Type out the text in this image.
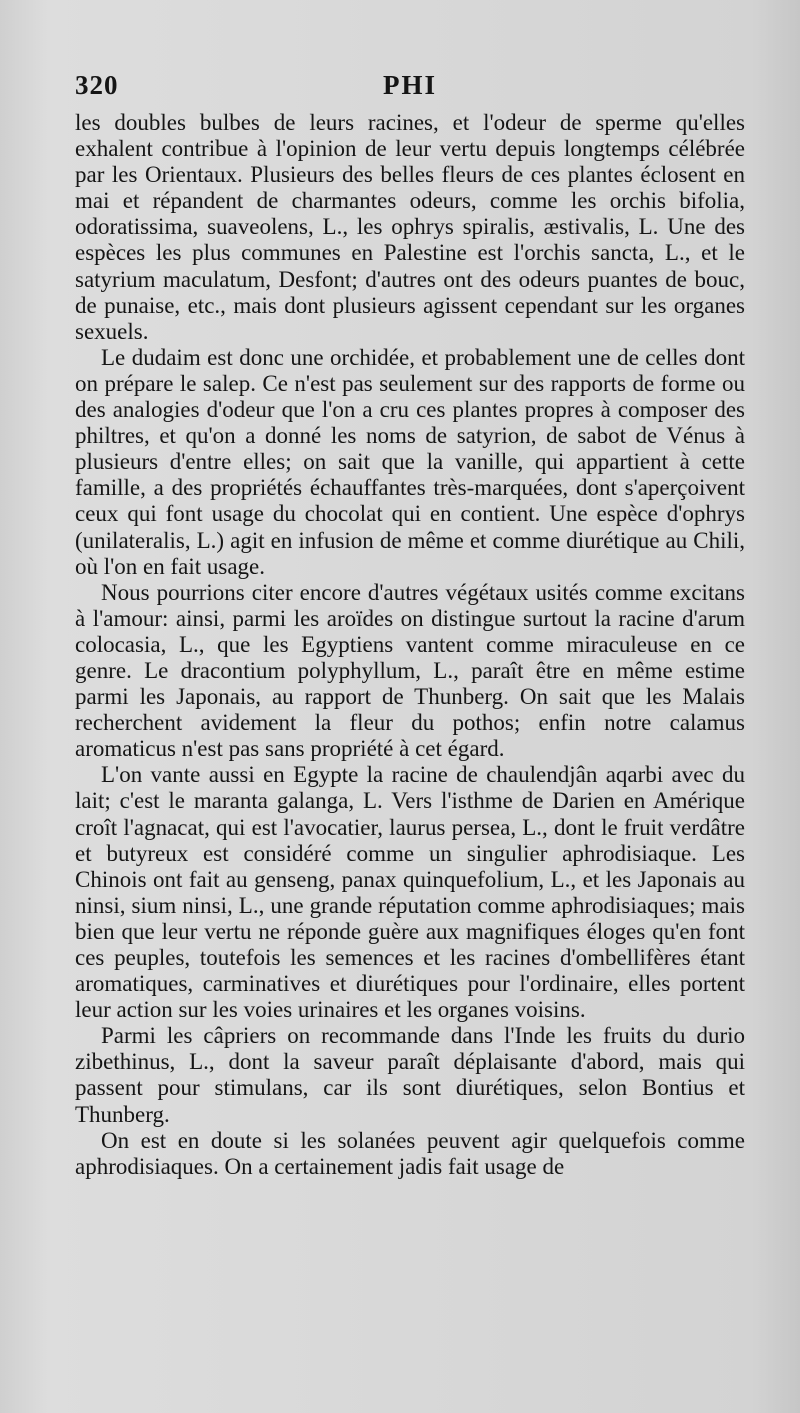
320	PHI

les doubles bulbes de leurs racines, et l'odeur de sperme qu'elles exhalent contribue à l'opinion de leur vertu depuis longtemps célébrée par les Orientaux. Plusieurs des belles fleurs de ces plantes éclosent en mai et répandent de charmantes odeurs, comme les orchis bifolia, odoratissima, suaveolens, L., les ophrys spiralis, æstivalis, L. Une des espèces les plus communes en Palestine est l'orchis sancta, L., et le satyrium maculatum, Desfont; d'autres ont des odeurs puantes de bouc, de punaise, etc., mais dont plusieurs agissent cependant sur les organes sexuels.

Le dudaim est donc une orchidée, et probablement une de celles dont on prépare le salep. Ce n'est pas seulement sur des rapports de forme ou des analogies d'odeur que l'on a cru ces plantes propres à composer des philtres, et qu'on a donné les noms de satyrion, de sabot de Vénus à plusieurs d'entre elles; on sait que la vanille, qui appartient à cette famille, a des propriétés échauffantes très-marquées, dont s'aperçoivent ceux qui font usage du chocolat qui en contient. Une espèce d'ophrys (unilateralis, L.) agit en infusion de même et comme diurétique au Chili, où l'on en fait usage.

Nous pourrions citer encore d'autres végétaux usités comme excitans à l'amour: ainsi, parmi les aroïdes on distingue surtout la racine d'arum colocasia, L., que les Egyptiens vantent comme miraculeuse en ce genre. Le dracontium polyphyllum, L., paraît être en même estime parmi les Japonais, au rapport de Thunberg. On sait que les Malais recherchent avidement la fleur du pothos; enfin notre calamus aromaticus n'est pas sans propriété à cet égard.

L'on vante aussi en Egypte la racine de chaulendjân aqarbi avec du lait; c'est le maranta galanga, L. Vers l'isthme de Darien en Amérique croît l'agnacat, qui est l'avocatier, laurus persea, L., dont le fruit verdâtre et butyreux est considéré comme un singulier aphrodisiaque. Les Chinois ont fait au genseng, panax quinquefolium, L., et les Japonais au ninsi, sium ninsi, L., une grande réputation comme aphrodisiaques; mais bien que leur vertu ne réponde guère aux magnifiques éloges qu'en font ces peuples, toutefois les semences et les racines d'ombellifères étant aromatiques, carminatives et diurétiques pour l'ordinaire, elles portent leur action sur les voies urinaires et les organes voisins.

Parmi les câpriers on recommande dans l'Inde les fruits du durio zibethinus, L., dont la saveur paraît déplaisante d'abord, mais qui passent pour stimulans, car ils sont diurétiques, selon Bontius et Thunberg.

On est en doute si les solanées peuvent agir quelquefois comme aphrodisiaques. On a certainement jadis fait usage de
